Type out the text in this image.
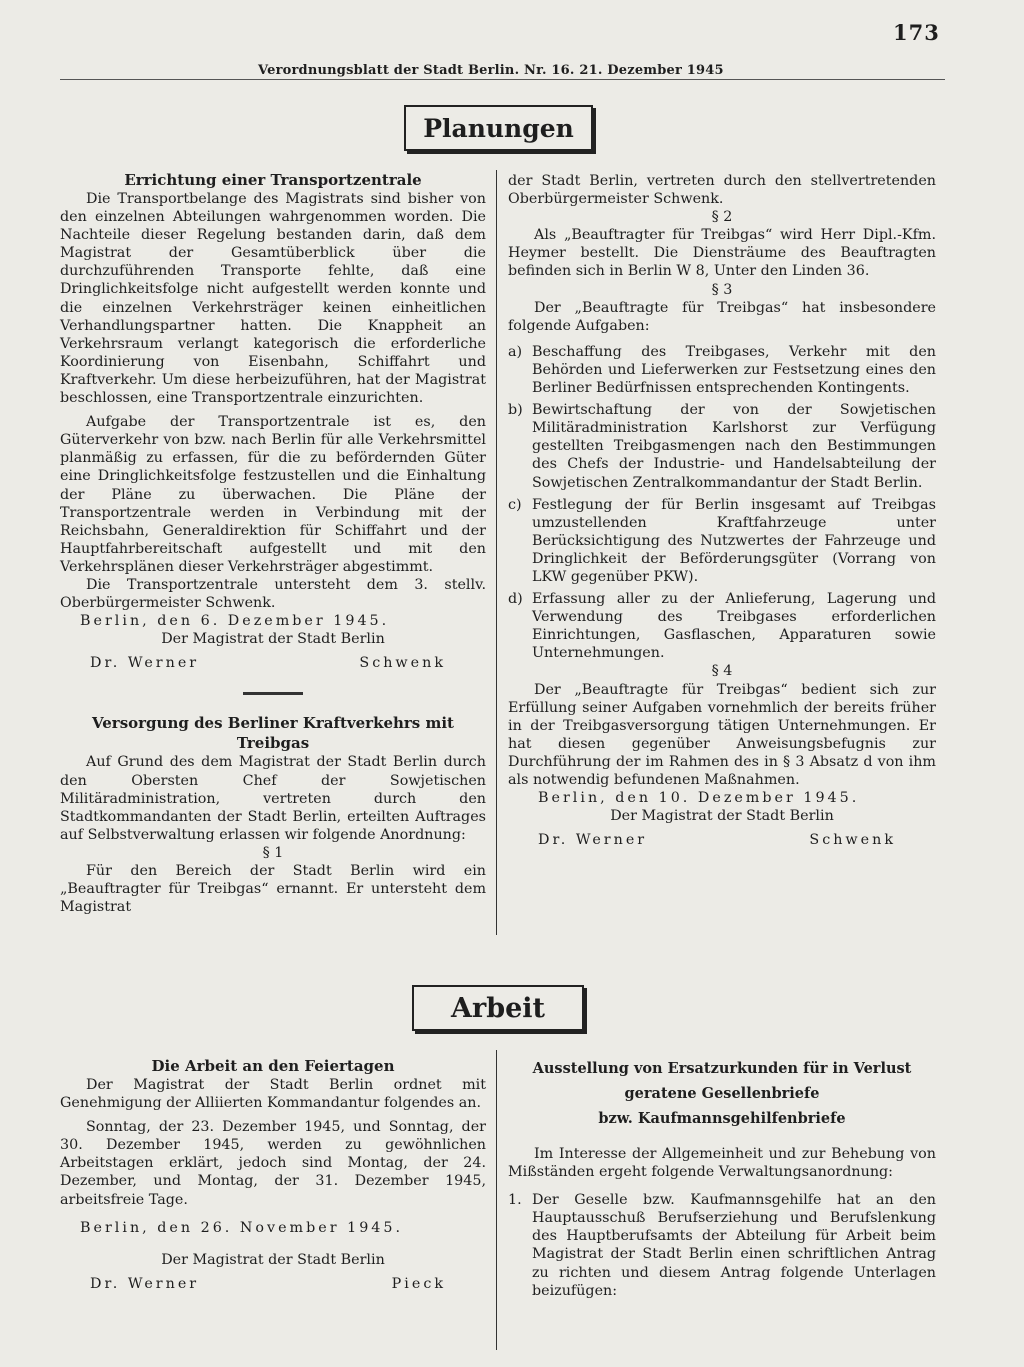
173
Verordnungsblatt der Stadt Berlin. Nr. 16. 21. Dezember 1945
Planungen

Errichtung einer Transportzentrale

Die Transportbelange des Magistrats sind bisher von den einzelnen Abteilungen wahrgenommen worden. Die Nachteile dieser Regelung bestanden darin, daß dem Magistrat der Gesamtüberblick über die durchzuführenden Transporte fehlte, daß eine Dringlichkeitsfolge nicht aufgestellt werden konnte und die einzelnen Verkehrsträger keinen einheitlichen Verhandlungspartner hatten. Die Knappheit an Verkehrsraum verlangt kategorisch die erforderliche Koordinierung von Eisenbahn, Schiffahrt und Kraftverkehr. Um diese herbeizuführen, hat der Magistrat beschlossen, eine Transportzentrale einzurichten.

Aufgabe der Transportzentrale ist es, den Güterverkehr von bzw. nach Berlin für alle Verkehrsmittel planmäßig zu erfassen, für die zu befördernden Güter eine Dringlichkeitsfolge festzustellen und die Einhaltung der Pläne zu überwachen. Die Pläne der Transportzentrale werden in Verbindung mit der Reichsbahn, Generaldirektion für Schiffahrt und der Hauptfahrbereitschaft aufgestellt und mit den Verkehrsplänen dieser Verkehrsträger abgestimmt.

Die Transportzentrale untersteht dem 3. stellv. Oberbürgermeister Schwenk.

Berlin, den 6. Dezember 1945.

Der Magistrat der Stadt Berlin

Dr. Werner	Schwenk

Versorgung des Berliner Kraftverkehrs mit Treibgas

Auf Grund des dem Magistrat der Stadt Berlin durch den Obersten Chef der Sowjetischen Militäradministration, vertreten durch den Stadtkommandanten der Stadt Berlin, erteilten Auftrages auf Selbstverwaltung erlassen wir folgende Anordnung:

§ 1

Für den Bereich der Stadt Berlin wird ein „Beauftragter für Treibgas“ ernannt. Er untersteht dem Magistrat

der Stadt Berlin, vertreten durch den stellvertretenden Oberbürgermeister Schwenk.

§ 2

Als „Beauftragter für Treibgas“ wird Herr Dipl.-Kfm. Heymer bestellt. Die Diensträume des Beauftragten befinden sich in Berlin W 8, Unter den Linden 36.

§ 3

Der „Beauftragte für Treibgas“ hat insbesondere folgende Aufgaben:

a) Beschaffung des Treibgases, Verkehr mit den Behörden und Lieferwerken zur Festsetzung eines den Berliner Bedürfnissen entsprechenden Kontingents.
b) Bewirtschaftung der von der Sowjetischen Militäradministration Karlshorst zur Verfügung gestellten Treibgasmengen nach den Bestimmungen des Chefs der Industrie- und Handelsabteilung der Sowjetischen Zentralkommandantur der Stadt Berlin.
c) Festlegung der für Berlin insgesamt auf Treibgas umzustellenden Kraftfahrzeuge unter Berücksichtigung des Nutzwertes der Fahrzeuge und Dringlichkeit der Beförderungsgüter (Vorrang von LKW gegenüber PKW).
d) Erfassung aller zu der Anlieferung, Lagerung und Verwendung des Treibgases erforderlichen Einrichtungen, Gasflaschen, Apparaturen sowie Unternehmungen.

§ 4

Der „Beauftragte für Treibgas“ bedient sich zur Erfüllung seiner Aufgaben vornehmlich der bereits früher in der Treibgasversorgung tätigen Unternehmungen. Er hat diesen gegenüber Anweisungsbefugnis zur Durchführung der im Rahmen des in § 3 Absatz d von ihm als notwendig befundenen Maßnahmen.

Berlin, den 10. Dezember 1945.

Der Magistrat der Stadt Berlin

Dr. Werner	Schwenk
Arbeit

Die Arbeit an den Feiertagen

Der Magistrat der Stadt Berlin ordnet mit Genehmigung der Alliierten Kommandantur folgendes an.

Sonntag, der 23. Dezember 1945, und Sonntag, der 30. Dezember 1945, werden zu gewöhnlichen Arbeitstagen erklärt, jedoch sind Montag, der 24. Dezember, und Montag, der 31. Dezember 1945, arbeitsfreie Tage.

Berlin, den 26. November 1945.

Der Magistrat der Stadt Berlin

Dr. Werner	Pieck

Ausstellung von Ersatzurkunden für in Verlust

geratene Gesellenbriefe

bzw. Kaufmannsgehilfenbriefe

Im Interesse der Allgemeinheit und zur Behebung von Mißständen ergeht folgende Verwaltungsanordnung:

1. Der Geselle bzw. Kaufmannsgehilfe hat an den Hauptausschuß Berufserziehung und Berufslenkung des Hauptberufsamts der Abteilung für Arbeit beim Magistrat der Stadt Berlin einen schriftlichen Antrag zu richten und diesem Antrag folgende Unterlagen beizufügen:
